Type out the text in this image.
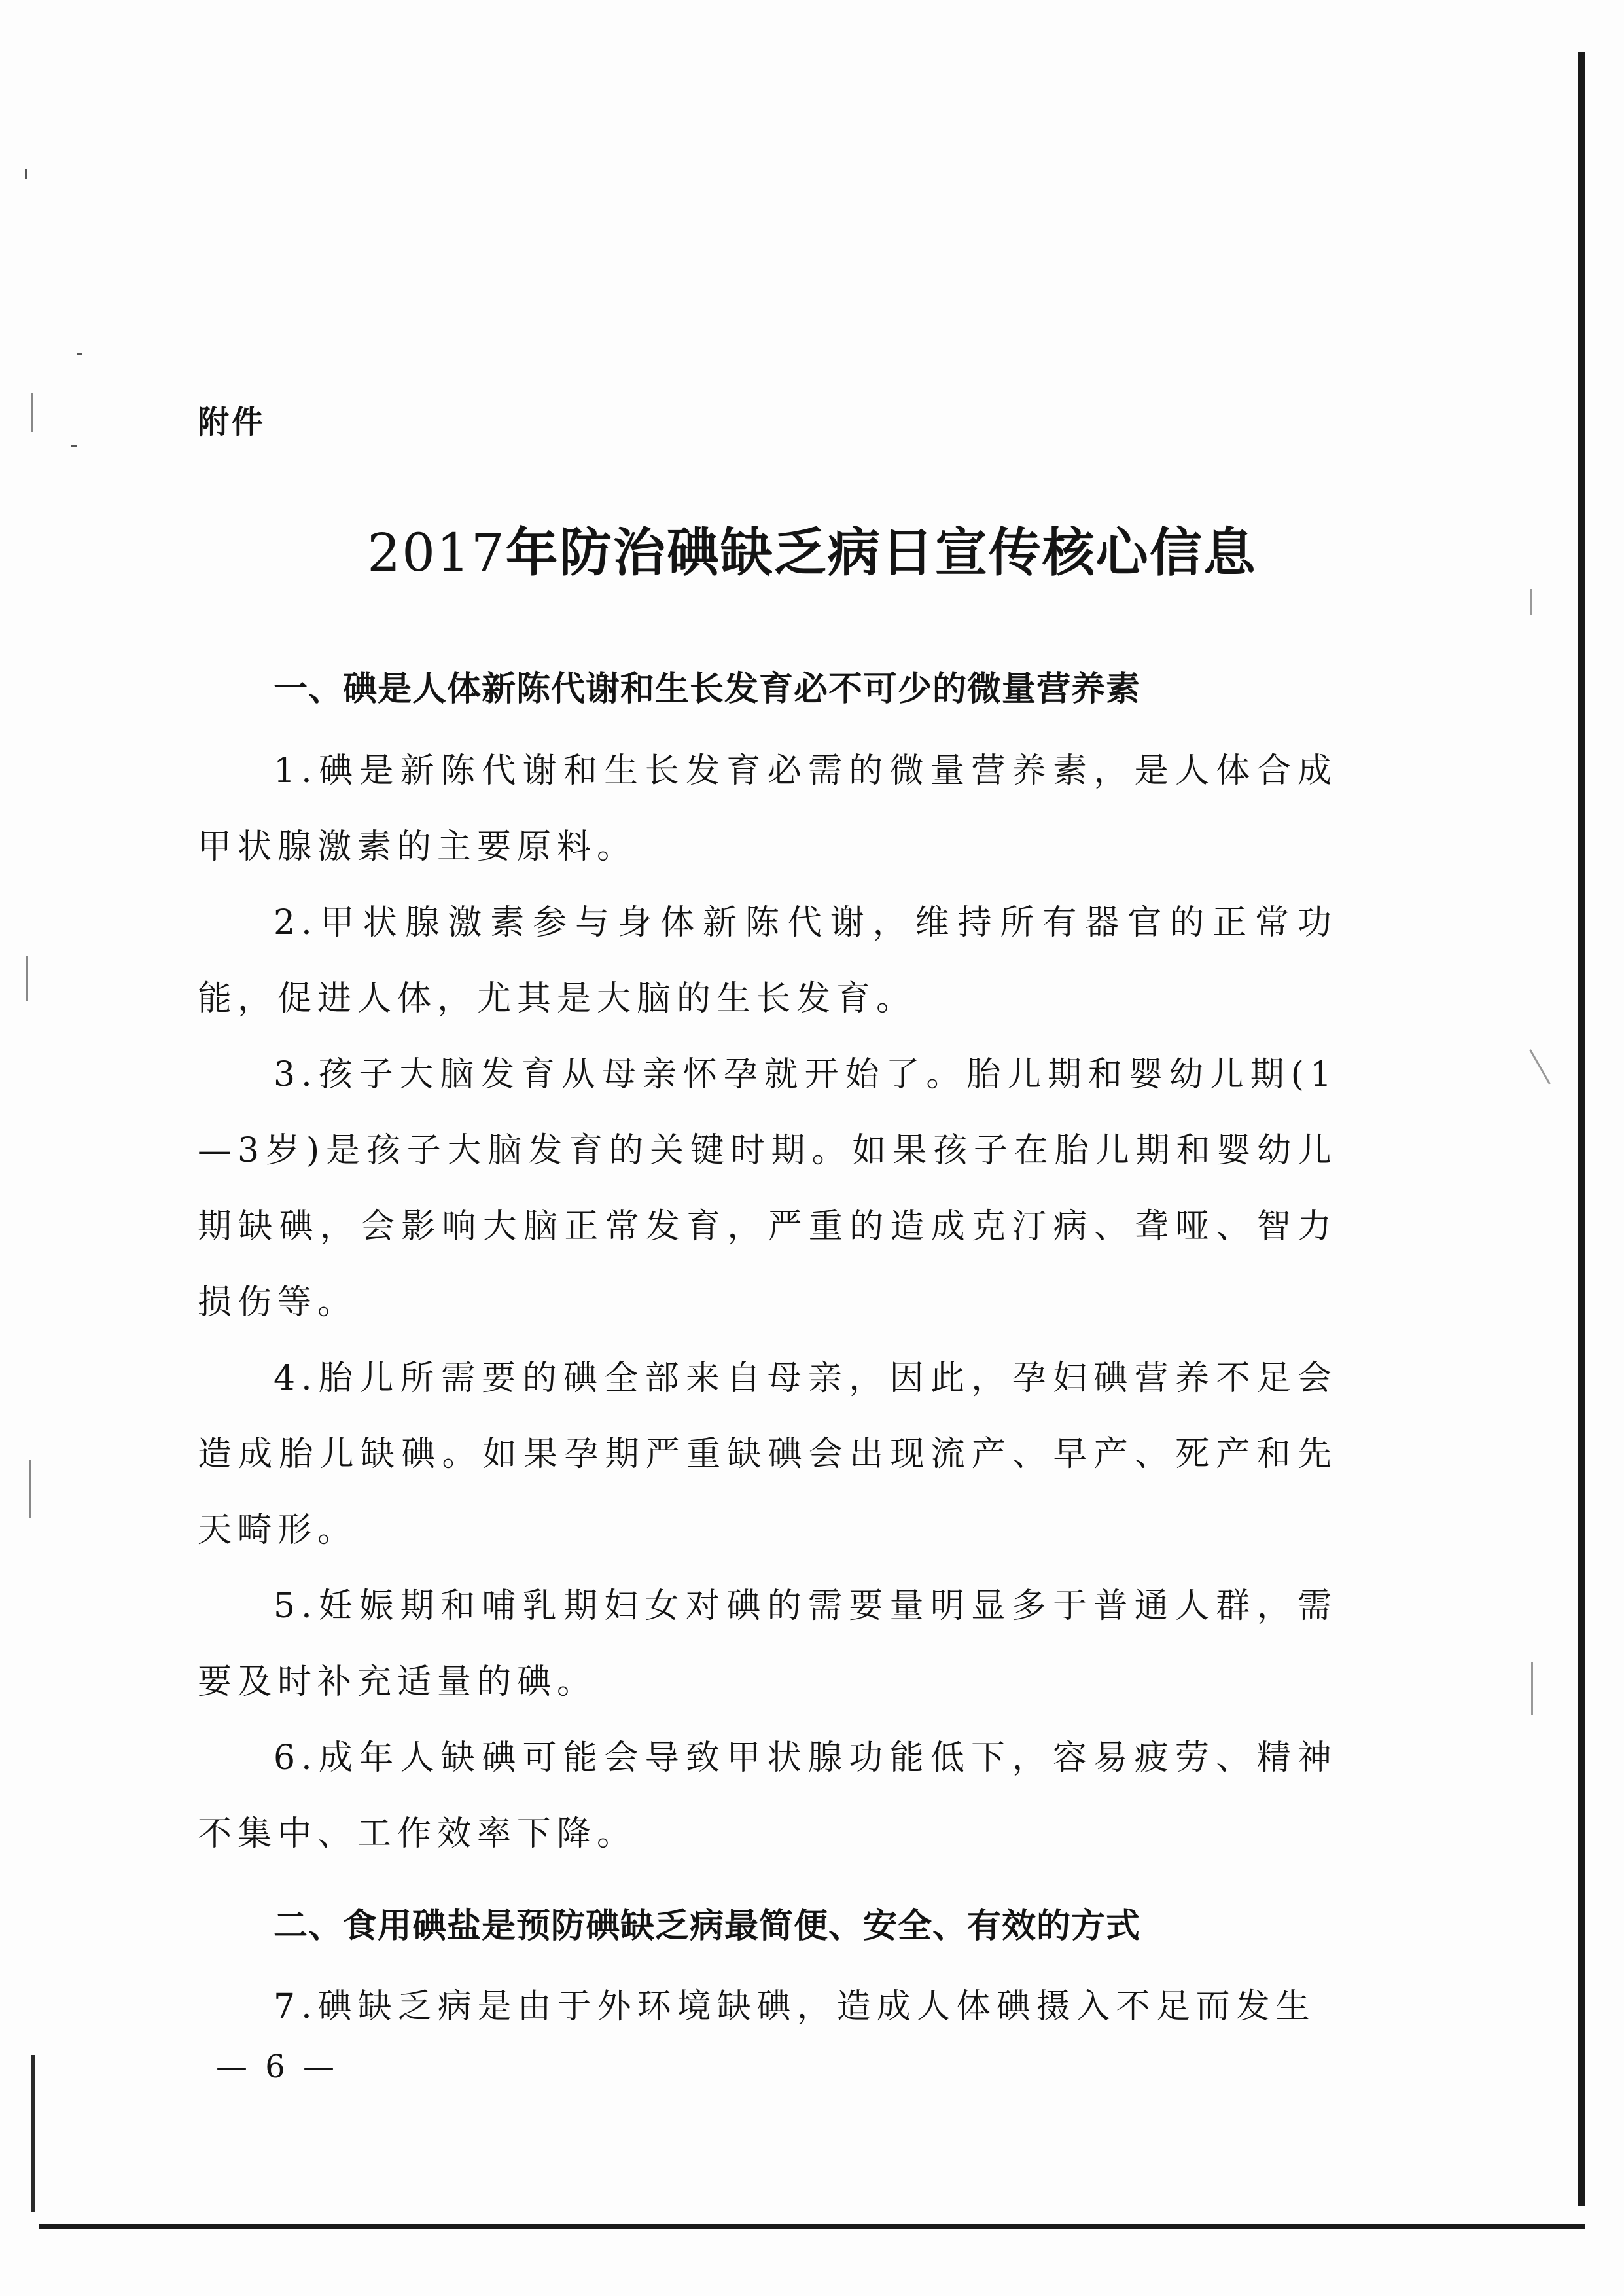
附件
2017年防治碘缺乏病日宣传核心信息
一、碘是人体新陈代谢和生长发育必不可少的微量营养素

1.碘是新陈代谢和生长发育必需的微量营养素，是人体合成甲状腺激素的主要原料。

2.甲状腺激素参与身体新陈代谢，维持所有器官的正常功能，促进人体，尤其是大脑的生长发育。

3.孩子大脑发育从母亲怀孕就开始了。胎儿期和婴幼儿期(1—3岁)是孩子大脑发育的关键时期。如果孩子在胎儿期和婴幼儿期缺碘，会影响大脑正常发育，严重的造成克汀病、聋哑、智力损伤等。

4.胎儿所需要的碘全部来自母亲，因此，孕妇碘营养不足会造成胎儿缺碘。如果孕期严重缺碘会出现流产、早产、死产和先天畸形。

5.妊娠期和哺乳期妇女对碘的需要量明显多于普通人群，需要及时补充适量的碘。

6.成年人缺碘可能会导致甲状腺功能低下，容易疲劳、精神不集中、工作效率下降。

二、食用碘盐是预防碘缺乏病最简便、安全、有效的方式

7.碘缺乏病是由于外环境缺碘，造成人体碘摄入不足而发生

— 6 —
